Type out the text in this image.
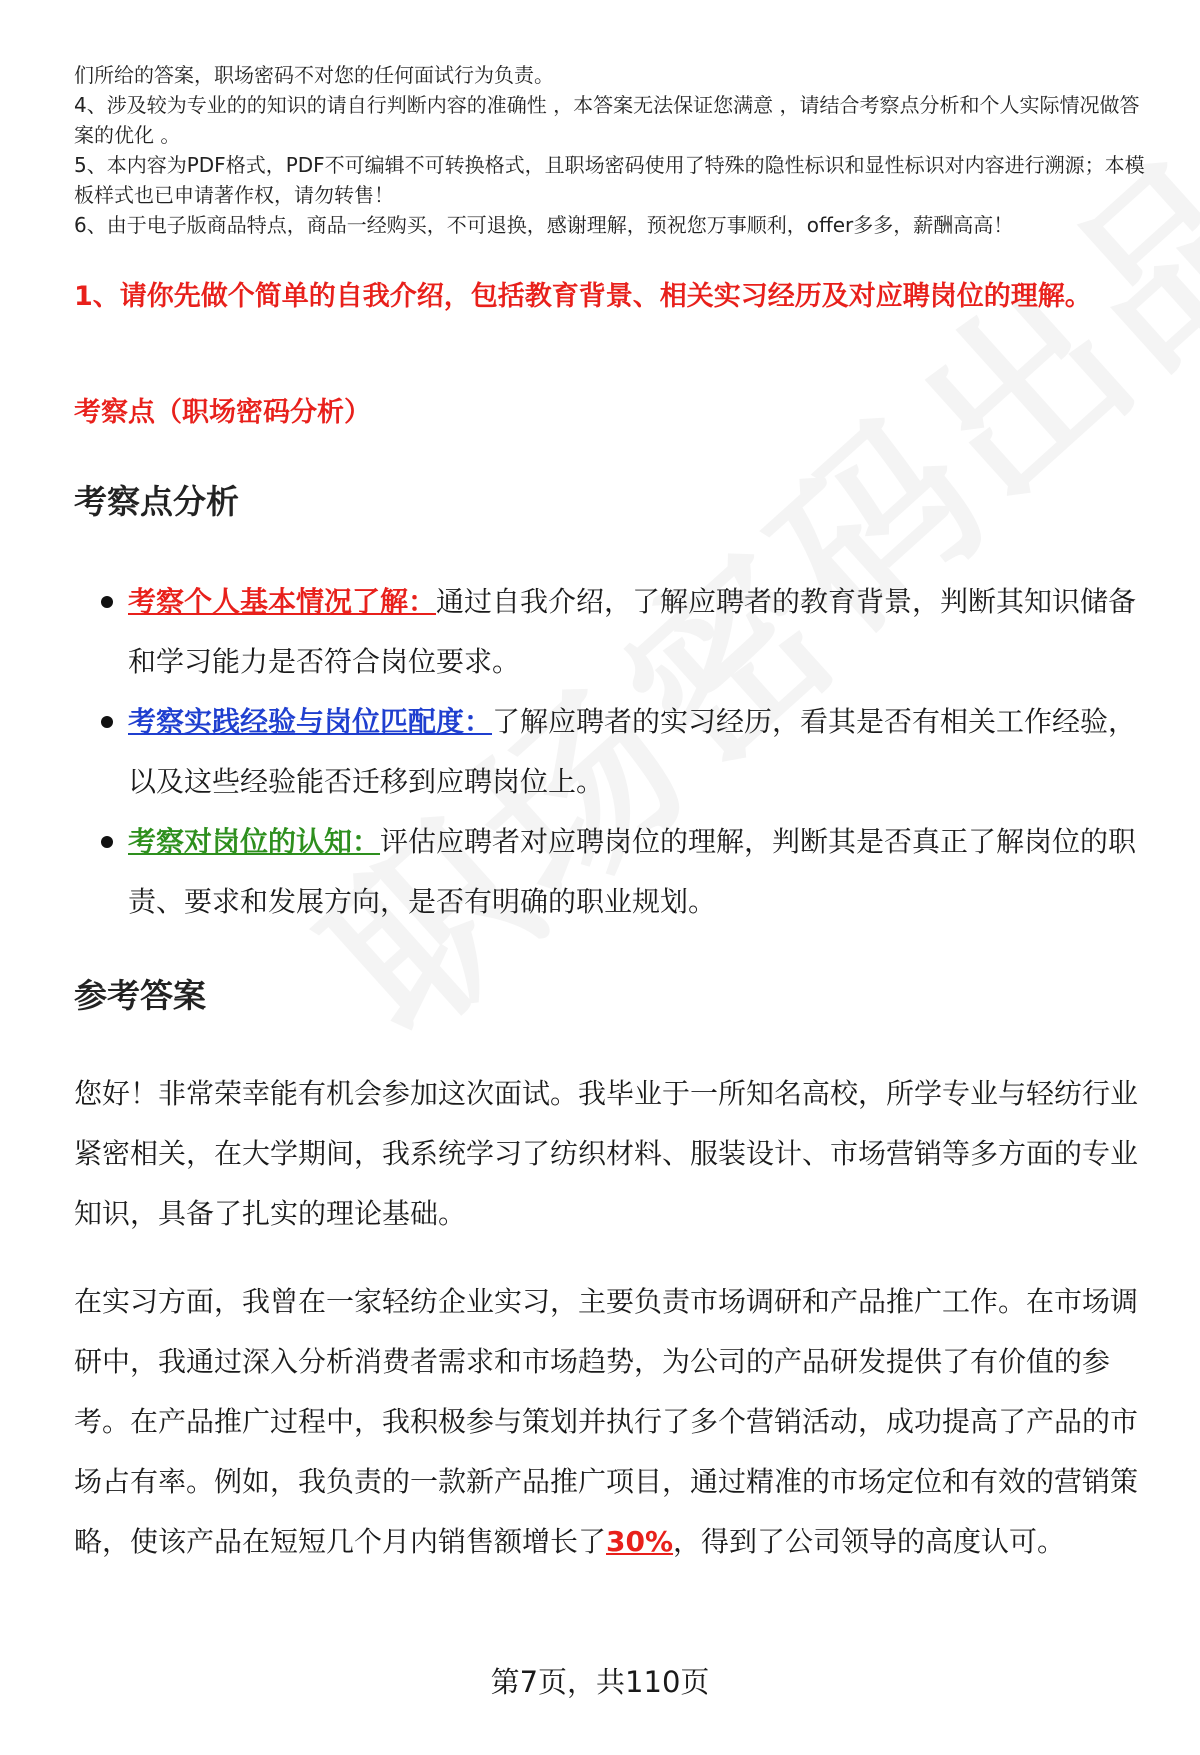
们所给的答案，职场密码不对您的任何面试行为负责。

4、涉及较为专业的的知识的请自行判断内容的准确性 ，本答案无法保证您满意 ，请结合考察点分析和个人实际情况做答案的优化 。

5、本内容为PDF格式，PDF不可编辑不可转换格式，且职场密码使用了特殊的隐性标识和显性标识对内容进行溯源；本模板样式也已申请著作权，请勿转售！

6、由于电子版商品特点，商品一经购买，不可退换，感谢理解，预祝您万事顺利，offer多多，薪酬高高！

1、请你先做个简单的自我介绍，包括教育背景、相关实习经历及对应聘岗位的理解。
考察点（职场密码分析）
考察点分析
考察个人基本情况了解：通过自我介绍，了解应聘者的教育背景，判断其知识储备和学习能力是否符合岗位要求。
考察实践经验与岗位匹配度：了解应聘者的实习经历，看其是否有相关工作经验，以及这些经验能否迁移到应聘岗位上。
考察对岗位的认知：评估应聘者对应聘岗位的理解，判断其是否真正了解岗位的职责、要求和发展方向，是否有明确的职业规划。
参考答案

您好！非常荣幸能有机会参加这次面试。我毕业于一所知名高校，所学专业与轻纺行业紧密相关，在大学期间，我系统学习了纺织材料、服装设计、市场营销等多方面的专业知识，具备了扎实的理论基础。

在实习方面，我曾在一家轻纺企业实习，主要负责市场调研和产品推广工作。在市场调研中，我通过深入分析消费者需求和市场趋势，为公司的产品研发提供了有价值的参考。在产品推广过程中，我积极参与策划并执行了多个营销活动，成功提高了产品的市场占有率。例如，我负责的一款新产品推广项目，通过精准的市场定位和有效的营销策略，使该产品在短短几个月内销售额增长了30%，得到了公司领导的高度认可。

第7页，共110页
